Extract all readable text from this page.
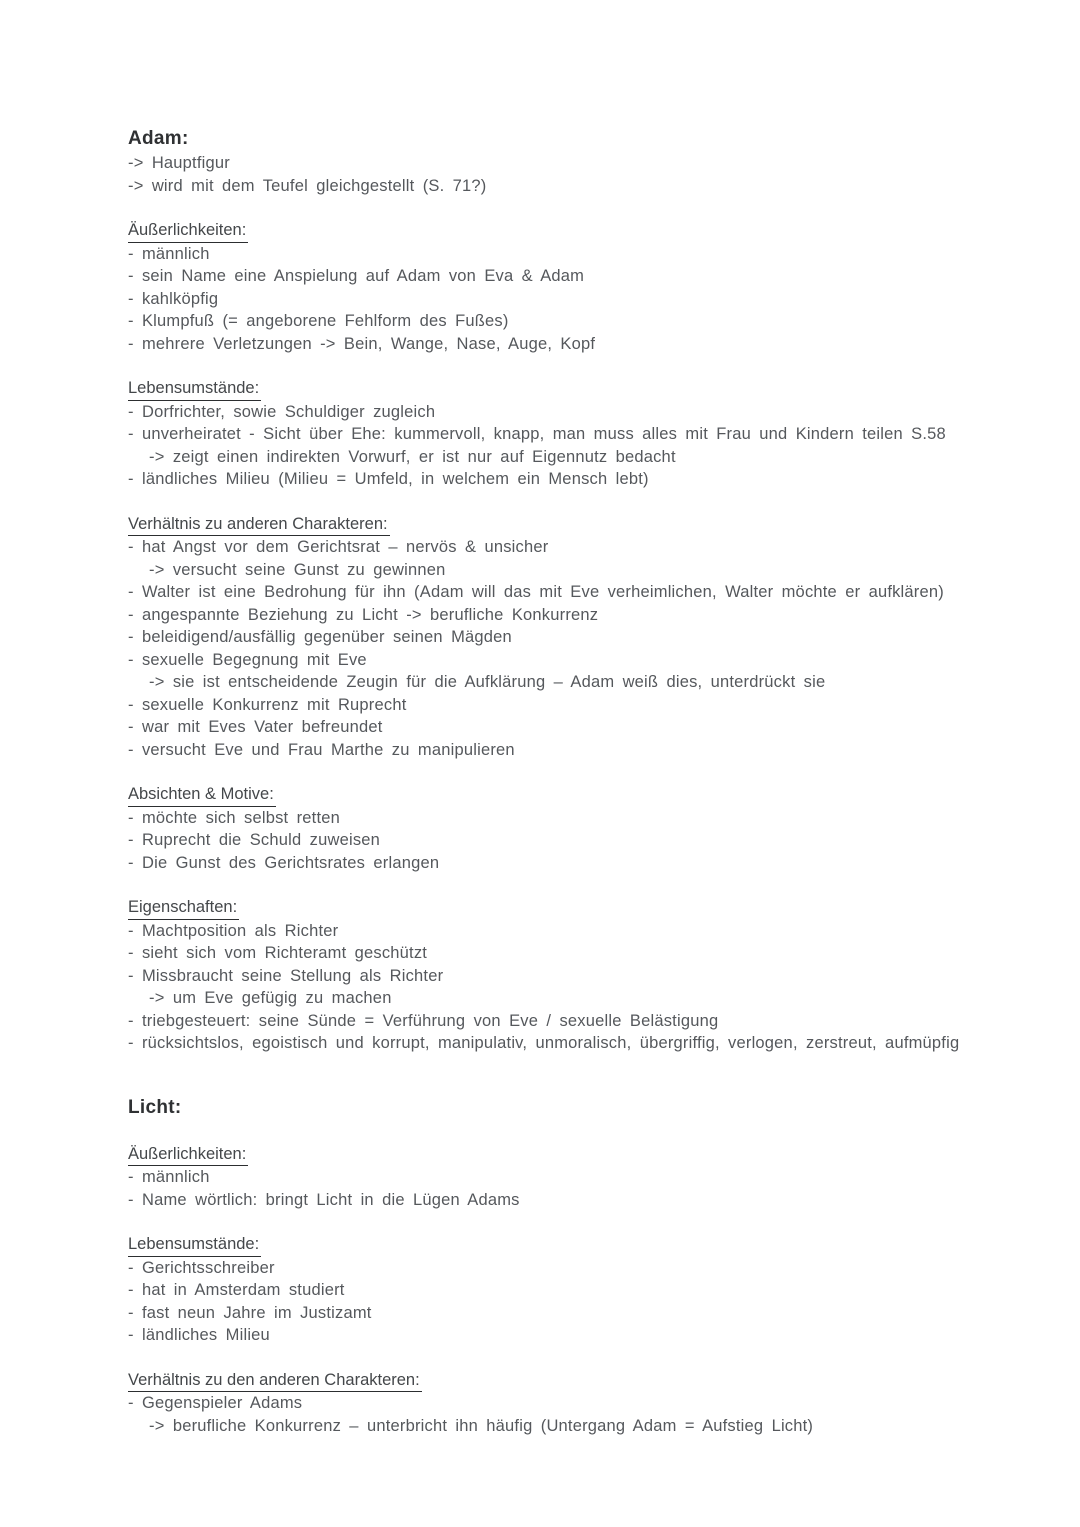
Adam:
-> Hauptfigur
-> wird mit dem Teufel gleichgestellt (S. 71?)
Äußerlichkeiten:
- männlich
- sein Name eine Anspielung auf Adam von Eva & Adam
- kahlköpfig
- Klumpfuß (= angeborene Fehlform des Fußes)
- mehrere Verletzungen -> Bein, Wange, Nase, Auge, Kopf
Lebensumstände:
- Dorfrichter, sowie Schuldiger zugleich
- unverheiratet - Sicht über Ehe: kummervoll, knapp, man muss alles mit Frau und Kindern teilen S.58
-> zeigt einen indirekten Vorwurf, er ist nur auf Eigennutz bedacht
- ländliches Milieu (Milieu = Umfeld, in welchem ein Mensch lebt)
Verhältnis zu anderen Charakteren:
- hat Angst vor dem Gerichtsrat – nervös & unsicher
-> versucht seine Gunst zu gewinnen
- Walter ist eine Bedrohung für ihn (Adam will das mit Eve verheimlichen, Walter möchte er aufklären)
- angespannte Beziehung zu Licht -> berufliche Konkurrenz
- beleidigend/ausfällig gegenüber seinen Mägden
- sexuelle Begegnung mit Eve
-> sie ist entscheidende Zeugin für die Aufklärung – Adam weiß dies, unterdrückt sie
- sexuelle Konkurrenz mit Ruprecht
- war mit Eves Vater befreundet
- versucht Eve und Frau Marthe zu manipulieren
Absichten & Motive:
- möchte sich selbst retten
- Ruprecht die Schuld zuweisen
- Die Gunst des Gerichtsrates erlangen
Eigenschaften:
- Machtposition als Richter
- sieht sich vom Richteramt geschützt
- Missbraucht seine Stellung als Richter
-> um Eve gefügig zu machen
- triebgesteuert: seine Sünde = Verführung von Eve / sexuelle Belästigung
- rücksichtslos, egoistisch und korrupt, manipulativ, unmoralisch, übergriffig, verlogen, zerstreut, aufmüpfig
Licht:
Äußerlichkeiten:
- männlich
- Name wörtlich: bringt Licht in die Lügen Adams
Lebensumstände:
- Gerichtsschreiber
- hat in Amsterdam studiert
- fast neun Jahre im Justizamt
- ländliches Milieu
Verhältnis zu den anderen Charakteren:
- Gegenspieler Adams
-> berufliche Konkurrenz – unterbricht ihn häufig (Untergang Adam = Aufstieg Licht)
